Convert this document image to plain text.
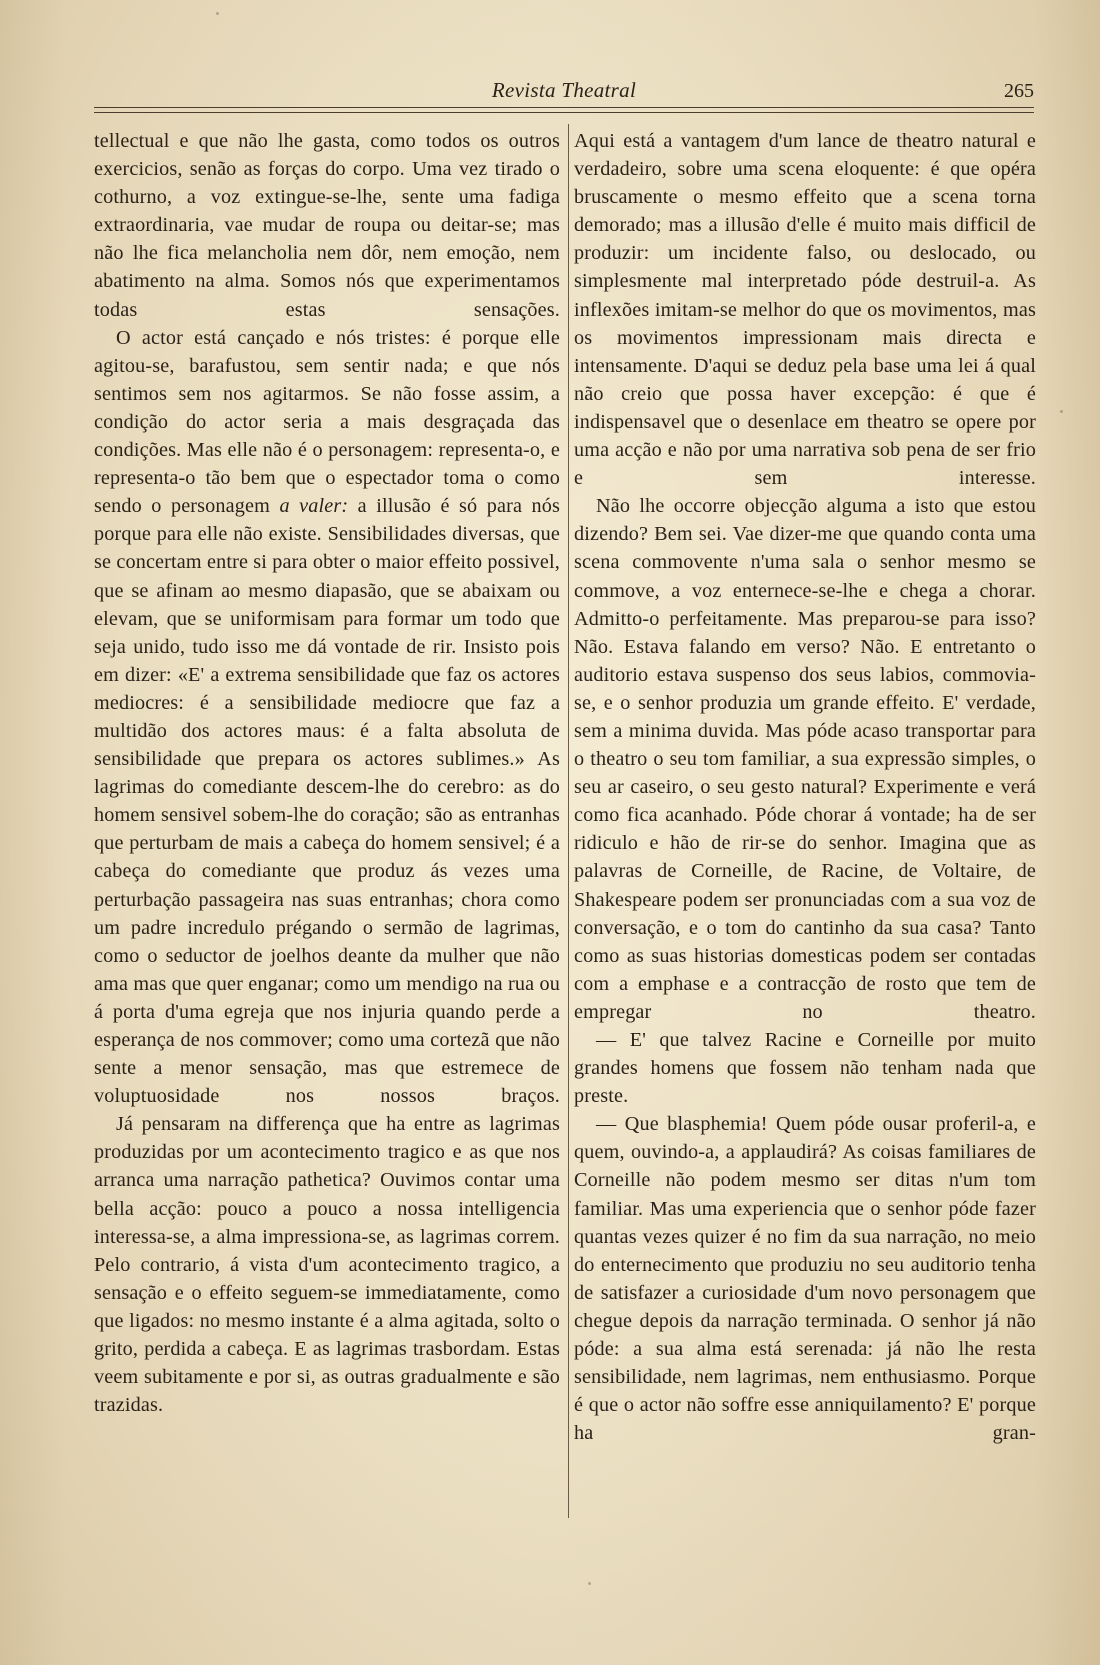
Revista Theatral	265

tellectual e que não lhe gasta, como todos os outros exercicios, senão as forças do corpo. Uma vez tirado o cothurno, a voz extingue-se-lhe, sente uma fadiga extraordinaria, vae mudar de roupa ou deitar-se; mas não lhe fica melancholia nem dôr, nem emoção, nem abatimento na alma. Somos nós que experimentamos todas estas sensações.

O actor está cançado e nós tristes: é porque elle agitou-se, barafustou, sem sentir nada; e que nós sentimos sem nos agitarmos. Se não fosse assim, a condição do actor seria a mais desgraçada das condições. Mas elle não é o personagem: representa-o, e representa-o tão bem que o espectador toma o como sendo o personagem a valer: a illusão é só para nós porque para elle não existe. Sensibilidades diversas, que se concertam entre si para obter o maior effeito possivel, que se afinam ao mesmo diapasão, que se abaixam ou elevam, que se uniformisam para formar um todo que seja unido, tudo isso me dá vontade de rir. Insisto pois em dizer: «E' a extrema sensibilidade que faz os actores mediocres: é a sensibilidade mediocre que faz a multidão dos actores maus: é a falta absoluta de sensibilidade que prepara os actores sublimes.» As lagrimas do comediante descem-lhe do cerebro: as do homem sensivel sobem-lhe do coração; são as entranhas que perturbam de mais a cabeça do homem sensivel; é a cabeça do comediante que produz ás vezes uma perturbação passageira nas suas entranhas; chora como um padre incredulo prégando o sermão de lagrimas, como o seductor de joelhos deante da mulher que não ama mas que quer enganar; como um mendigo na rua ou á porta d'uma egreja que nos injuria quando perde a esperança de nos commover; como uma cortezã que não sente a menor sensação, mas que estremece de voluptuosidade nos nossos braços.

Já pensaram na differença que ha entre as lagrimas produzidas por um acontecimento tragico e as que nos arranca uma narração pathetica? Ouvimos contar uma bella acção: pouco a pouco a nossa intelligencia interessa-se, a alma impressiona-se, as lagrimas correm. Pelo contrario, á vista d'um acontecimento tragico, a sensação e o effeito seguem-se immediatamente, como que ligados: no mesmo instante é a alma agitada, solto o grito, perdida a cabeça. E as lagrimas trasbordam. Estas veem subitamente e por si, as outras gradualmente e são trazidas.

Aqui está a vantagem d'um lance de theatro natural e verdadeiro, sobre uma scena eloquente: é que opéra bruscamente o mesmo effeito que a scena torna demorado; mas a illusão d'elle é muito mais difficil de produzir: um incidente falso, ou deslocado, ou simplesmente mal interpretado póde destruil-a. As inflexões imitam-se melhor do que os movimentos, mas os movimentos impressionam mais directa e intensamente. D'aqui se deduz pela base uma lei á qual não creio que possa haver excepção: é que é indispensavel que o desenlace em theatro se opere por uma acção e não por uma narrativa sob pena de ser frio e sem interesse.

Não lhe occorre objecção alguma a isto que estou dizendo? Bem sei. Vae dizer-me que quando conta uma scena commovente n'uma sala o senhor mesmo se commove, a voz enternece-se-lhe e chega a chorar. Admitto-o perfeitamente. Mas preparou-se para isso? Não. Estava falando em verso? Não. E entretanto o auditorio estava suspenso dos seus labios, commovia-se, e o senhor produzia um grande effeito. E' verdade, sem a minima duvida. Mas póde acaso transportar para o theatro o seu tom familiar, a sua expressão simples, o seu ar caseiro, o seu gesto natural? Experimente e verá como fica acanhado. Póde chorar á vontade; ha de ser ridiculo e hão de rir-se do senhor. Imagina que as palavras de Corneille, de Racine, de Voltaire, de Shakespeare podem ser pronunciadas com a sua voz de conversação, e o tom do cantinho da sua casa? Tanto como as suas historias domesticas podem ser contadas com a emphase e a contracção de rosto que tem de empregar no theatro.

— E' que talvez Racine e Corneille por muito grandes homens que fossem não tenham nada que preste.

— Que blasphemia! Quem póde ousar proferil-a, e quem, ouvindo-a, a applaudirá? As coisas familiares de Corneille não podem mesmo ser ditas n'um tom familiar. Mas uma experiencia que o senhor póde fazer quantas vezes quizer é no fim da sua narração, no meio do enternecimento que produziu no seu auditorio tenha de satisfazer a curiosidade d'um novo personagem que chegue depois da narração terminada. O senhor já não póde: a sua alma está serenada: já não lhe resta sensibilidade, nem lagrimas, nem enthusiasmo. Porque é que o actor não soffre esse anniquilamento? E' porque ha gran-
